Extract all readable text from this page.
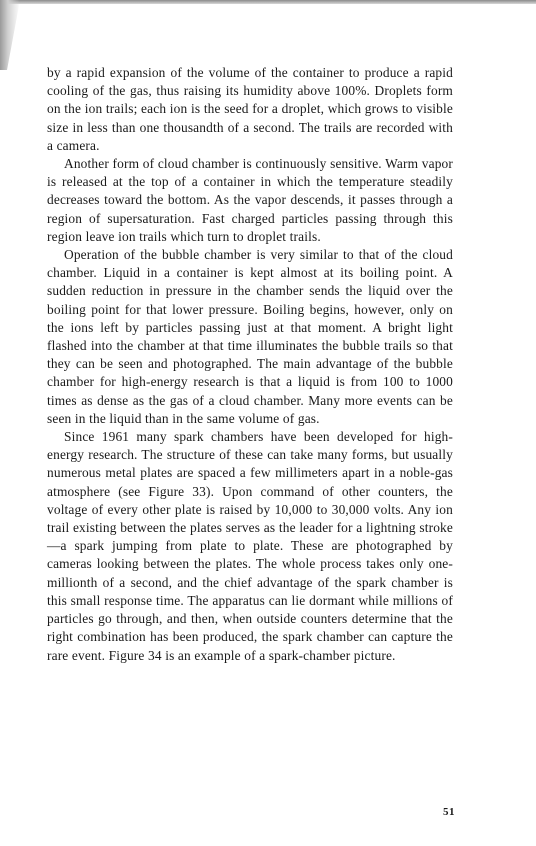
by a rapid expansion of the volume of the container to produce a rapid cooling of the gas, thus raising its humidity above 100%. Droplets form on the ion trails; each ion is the seed for a droplet, which grows to visible size in less than one thousandth of a second. The trails are recorded with a camera.

Another form of cloud chamber is continuously sensitive. Warm vapor is released at the top of a container in which the temperature steadily decreases toward the bottom. As the vapor descends, it passes through a region of supersaturation. Fast charged particles passing through this region leave ion trails which turn to droplet trails.

Operation of the bubble chamber is very similar to that of the cloud chamber. Liquid in a container is kept almost at its boiling point. A sudden reduction in pressure in the chamber sends the liquid over the boiling point for that lower pressure. Boiling begins, however, only on the ions left by particles passing just at that moment. A bright light flashed into the chamber at that time illuminates the bubble trails so that they can be seen and photographed. The main advantage of the bubble chamber for high-energy research is that a liquid is from 100 to 1000 times as dense as the gas of a cloud chamber. Many more events can be seen in the liquid than in the same volume of gas.

Since 1961 many spark chambers have been developed for high-energy research. The structure of these can take many forms, but usually numerous metal plates are spaced a few millimeters apart in a noble-gas atmosphere (see Figure 33). Upon command of other counters, the voltage of every other plate is raised by 10,000 to 30,000 volts. Any ion trail existing between the plates serves as the leader for a lightning stroke—a spark jumping from plate to plate. These are photographed by cameras looking between the plates. The whole process takes only one-millionth of a second, and the chief advantage of the spark chamber is this small response time. The apparatus can lie dormant while millions of particles go through, and then, when outside counters determine that the right combination has been produced, the spark chamber can capture the rare event. Figure 34 is an example of a spark-chamber picture.

51
